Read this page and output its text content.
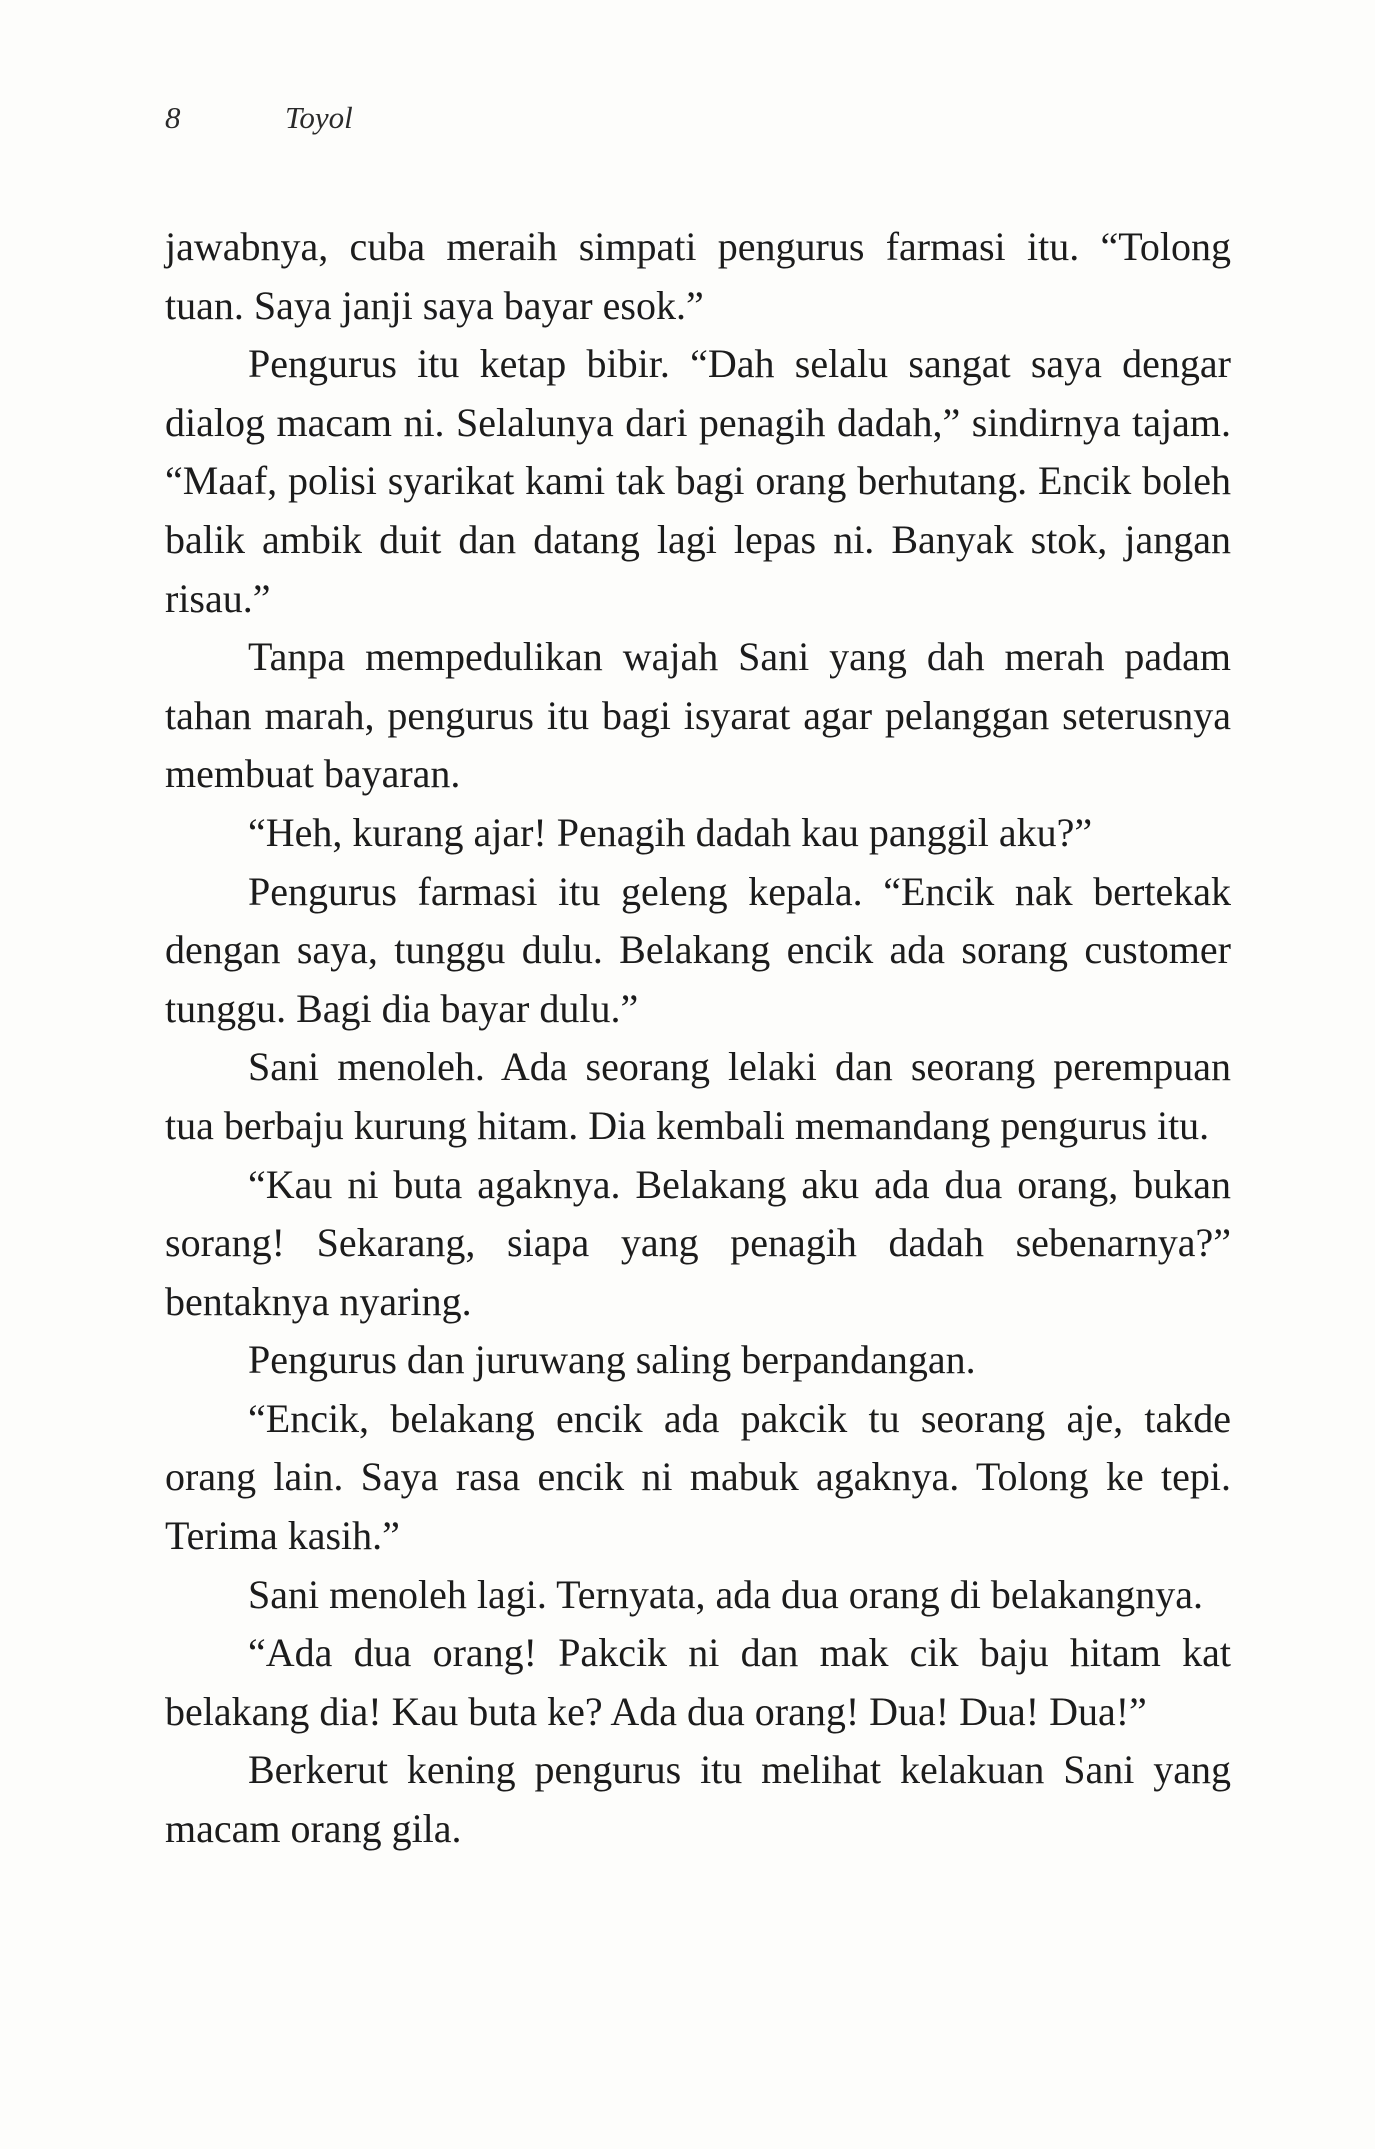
8	Toyol

jawabnya, cuba meraih simpati pengurus farmasi itu. “Tolong tuan. Saya janji saya bayar esok.”

Pengurus itu ketap bibir. “Dah selalu sangat saya dengar dialog macam ni. Selalunya dari penagih dadah,” sindirnya tajam. “Maaf, polisi syarikat kami tak bagi orang berhutang. Encik boleh balik ambik duit dan datang lagi lepas ni. Banyak stok, jangan risau.”

Tanpa mempedulikan wajah Sani yang dah merah padam tahan marah, pengurus itu bagi isyarat agar pelanggan seterusnya membuat bayaran.

“Heh, kurang ajar! Penagih dadah kau panggil aku?”

Pengurus farmasi itu geleng kepala. “Encik nak bertekak dengan saya, tunggu dulu. Belakang encik ada sorang customer tunggu. Bagi dia bayar dulu.”

Sani menoleh. Ada seorang lelaki dan seorang perempuan tua berbaju kurung hitam. Dia kembali memandang pengurus itu.

“Kau ni buta agaknya. Belakang aku ada dua orang, bukan sorang! Sekarang, siapa yang penagih dadah sebenarnya?” bentaknya nyaring.

Pengurus dan juruwang saling berpandangan.

“Encik, belakang encik ada pakcik tu seorang aje, takde orang lain. Saya rasa encik ni mabuk agaknya. Tolong ke tepi. Terima kasih.”

Sani menoleh lagi. Ternyata, ada dua orang di belakangnya.

“Ada dua orang! Pakcik ni dan mak cik baju hitam kat belakang dia! Kau buta ke? Ada dua orang! Dua! Dua! Dua!”

Berkerut kening pengurus itu melihat kelakuan Sani yang macam orang gila.
